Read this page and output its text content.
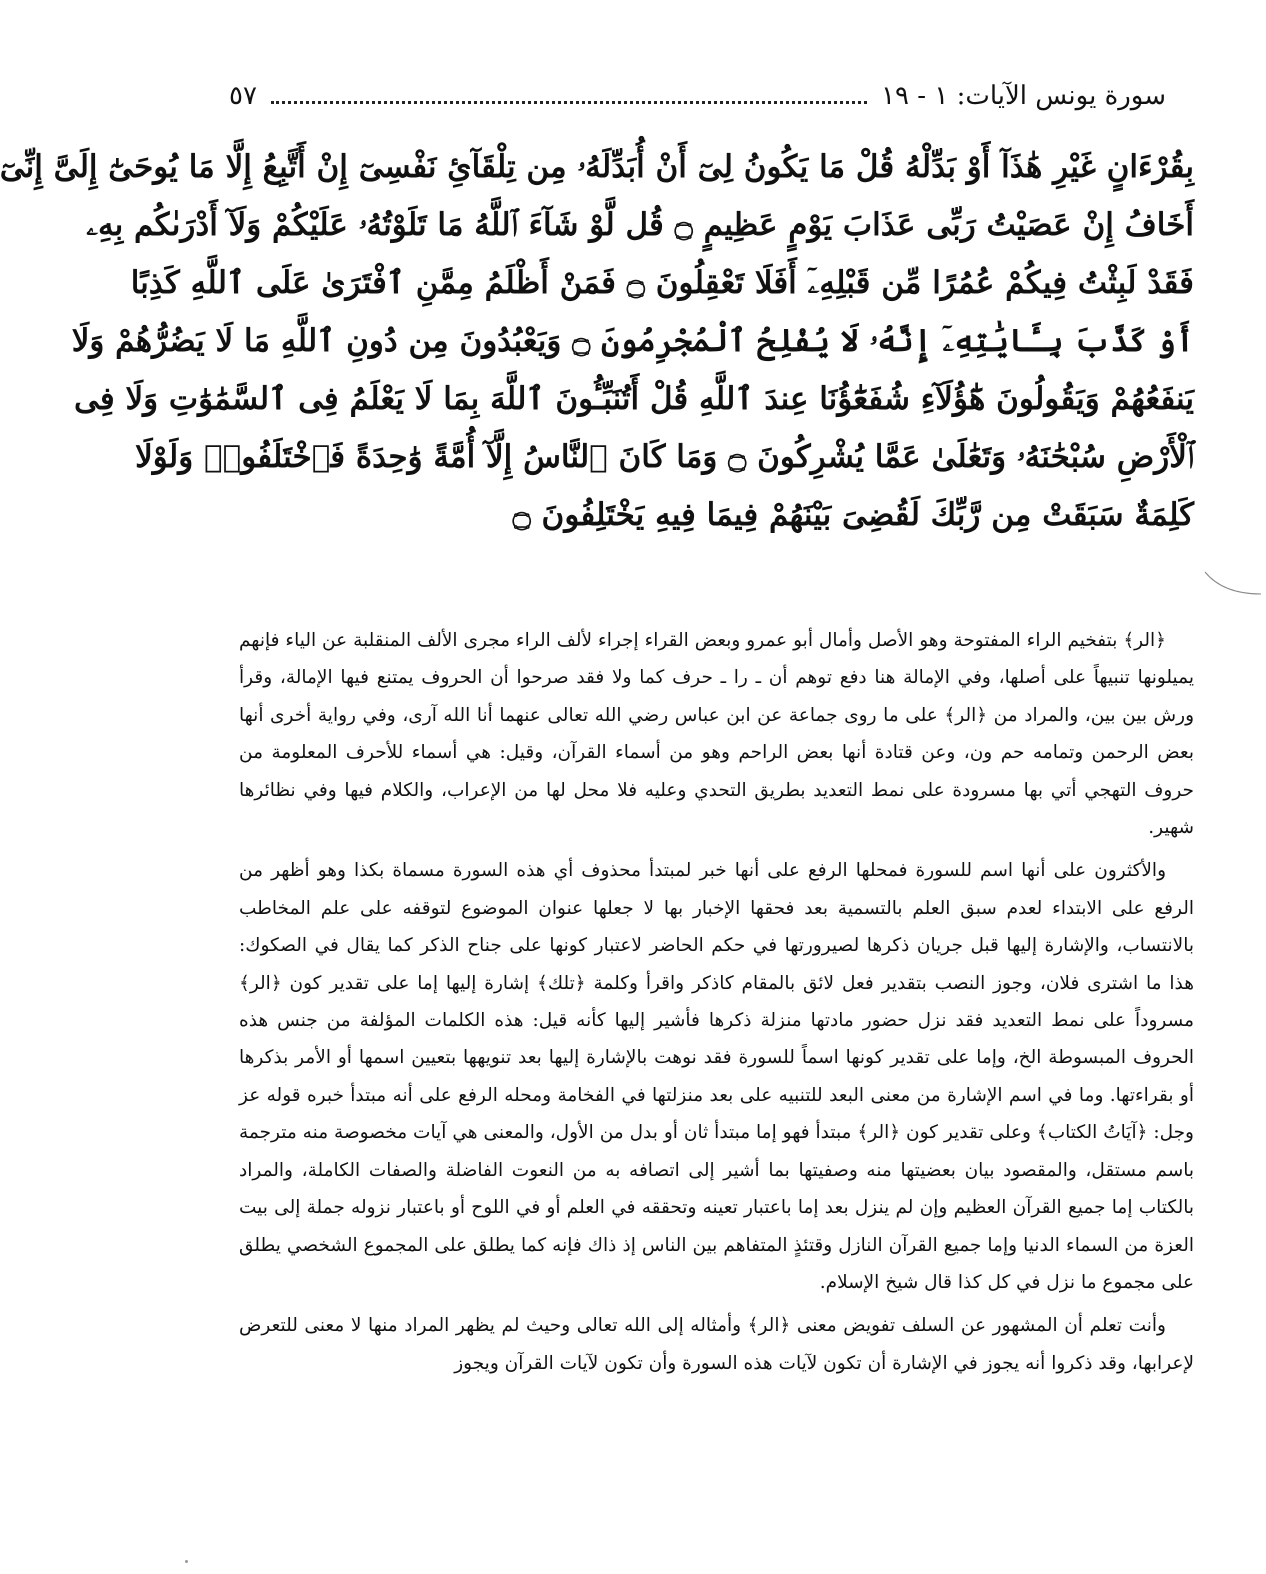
سورة يونس الآيات: ١ - ١٩
٥٧
بِقُرْءَانٍ غَيْرِ هَٰذَآ أَوْ بَدِّلْهُ قُلْ مَا يَكُونُ لِىٓ أَنْ أُبَدِّلَهُۥ مِن تِلْقَآئِ نَفْسِىٓ إِنْ أَتَّبِعُ إِلَّا مَا يُوحَىٰٓ إِلَىَّ إِنِّىٓ
أَخَافُ إِنْ عَصَيْتُ رَبِّى عَذَابَ يَوْمٍ عَظِيمٍ ۝ قُل لَّوْ شَآءَ ٱللَّهُ مَا تَلَوْتُهُۥ عَلَيْكُمْ وَلَآ أَدْرَىٰكُم بِهِۦ
فَقَدْ لَبِثْتُ فِيكُمْ عُمُرًا مِّن قَبْلِهِۦٓ أَفَلَا تَعْقِلُونَ ۝ فَمَنْ أَظْلَمُ مِمَّنِ ٱفْتَرَىٰ عَلَى ٱللَّهِ كَذِبًا
أَوْ كَذَّبَ بِـَٔايَٰتِهِۦٓ إِنَّهُۥ لَا يُفْلِحُ ٱلْمُجْرِمُونَ ۝ وَيَعْبُدُونَ مِن دُونِ ٱللَّهِ مَا لَا يَضُرُّهُمْ وَلَا
يَنفَعُهُمْ وَيَقُولُونَ هَٰٓؤُلَآءِ شُفَعَٰٓؤُنَا عِندَ ٱللَّهِ قُلْ أَتُنَبِّـُٔونَ ٱللَّهَ بِمَا لَا يَعْلَمُ فِى ٱلسَّمَٰوَٰتِ وَلَا فِى
ٱلْأَرْضِ سُبْحَٰنَهُۥ وَتَعَٰلَىٰ عَمَّا يُشْرِكُونَ ۝ وَمَا كَانَ ٱلنَّاسُ إِلَّآ أُمَّةً وَٰحِدَةً فَٱخْتَلَفُوا۟ وَلَوْلَا
كَلِمَةٌ سَبَقَتْ مِن رَّبِّكَ لَقُضِىَ بَيْنَهُمْ فِيمَا فِيهِ يَخْتَلِفُونَ ۝

﴿الر﴾ بتفخيم الراء المفتوحة وهو الأصل وأمال أبو عمرو وبعض القراء إجراء لألف الراء مجرى الألف المنقلبة عن الياء فإنهم يميلونها تنبيهاً على أصلها، وفي الإمالة هنا دفع توهم أن ـ را ـ حرف كما ولا فقد صرحوا أن الحروف يمتنع فيها الإمالة، وقرأ ورش بين بين، والمراد من ﴿الر﴾ على ما روى جماعة عن ابن عباس رضي الله تعالى عنهما أنا الله آرى، وفي رواية أخرى أنها بعض الرحمن وتمامه حم ون، وعن قتادة أنها بعض الراحم وهو من أسماء القرآن، وقيل: هي أسماء للأحرف المعلومة من حروف التهجي أتي بها مسرودة على نمط التعديد بطريق التحدي وعليه فلا محل لها من الإعراب، والكلام فيها وفي نظائرها شهير.

والأكثرون على أنها اسم للسورة فمحلها الرفع على أنها خبر لمبتدأ محذوف أي هذه السورة مسماة بكذا وهو أظهر من الرفع على الابتداء لعدم سبق العلم بالتسمية بعد فحقها الإخبار بها لا جعلها عنوان الموضوع لتوقفه على علم المخاطب بالانتساب، والإشارة إليها قبل جريان ذكرها لصيرورتها في حكم الحاضر لاعتبار كونها على جناح الذكر كما يقال في الصكوك: هذا ما اشترى فلان، وجوز النصب بتقدير فعل لائق بالمقام كاذكر واقرأ وكلمة ﴿تلك﴾ إشارة إليها إما على تقدير كون ﴿الر﴾ مسروداً على نمط التعديد فقد نزل حضور مادتها منزلة ذكرها فأشير إليها كأنه قيل: هذه الكلمات المؤلفة من جنس هذه الحروف المبسوطة الخ، وإما على تقدير كونها اسماً للسورة فقد نوهت بالإشارة إليها بعد تنويهها بتعيين اسمها أو الأمر بذكرها أو بقراءتها. وما في اسم الإشارة من معنى البعد للتنبيه على بعد منزلتها في الفخامة ومحله الرفع على أنه مبتدأ خبره قوله عز وجل: ﴿آيَاتُ الكتاب﴾ وعلى تقدير كون ﴿الر﴾ مبتدأ فهو إما مبتدأ ثان أو بدل من الأول، والمعنى هي آيات مخصوصة منه مترجمة باسم مستقل، والمقصود بيان بعضيتها منه وصفيتها بما أشير إلى اتصافه به من النعوت الفاضلة والصفات الكاملة، والمراد بالكتاب إما جميع القرآن العظيم وإن لم ينزل بعد إما باعتبار تعينه وتحققه في العلم أو في اللوح أو باعتبار نزوله جملة إلى بيت العزة من السماء الدنيا وإما جميع القرآن النازل وقتئذٍ المتفاهم بين الناس إذ ذاك فإنه كما يطلق على المجموع الشخصي يطلق على مجموع ما نزل في كل كذا قال شيخ الإسلام.

وأنت تعلم أن المشهور عن السلف تفويض معنى ﴿الر﴾ وأمثاله إلى الله تعالى وحيث لم يظهر المراد منها لا معنى للتعرض لإعرابها، وقد ذكروا أنه يجوز في الإشارة أن تكون لآيات هذه السورة وأن تكون لآيات القرآن ويجوز
